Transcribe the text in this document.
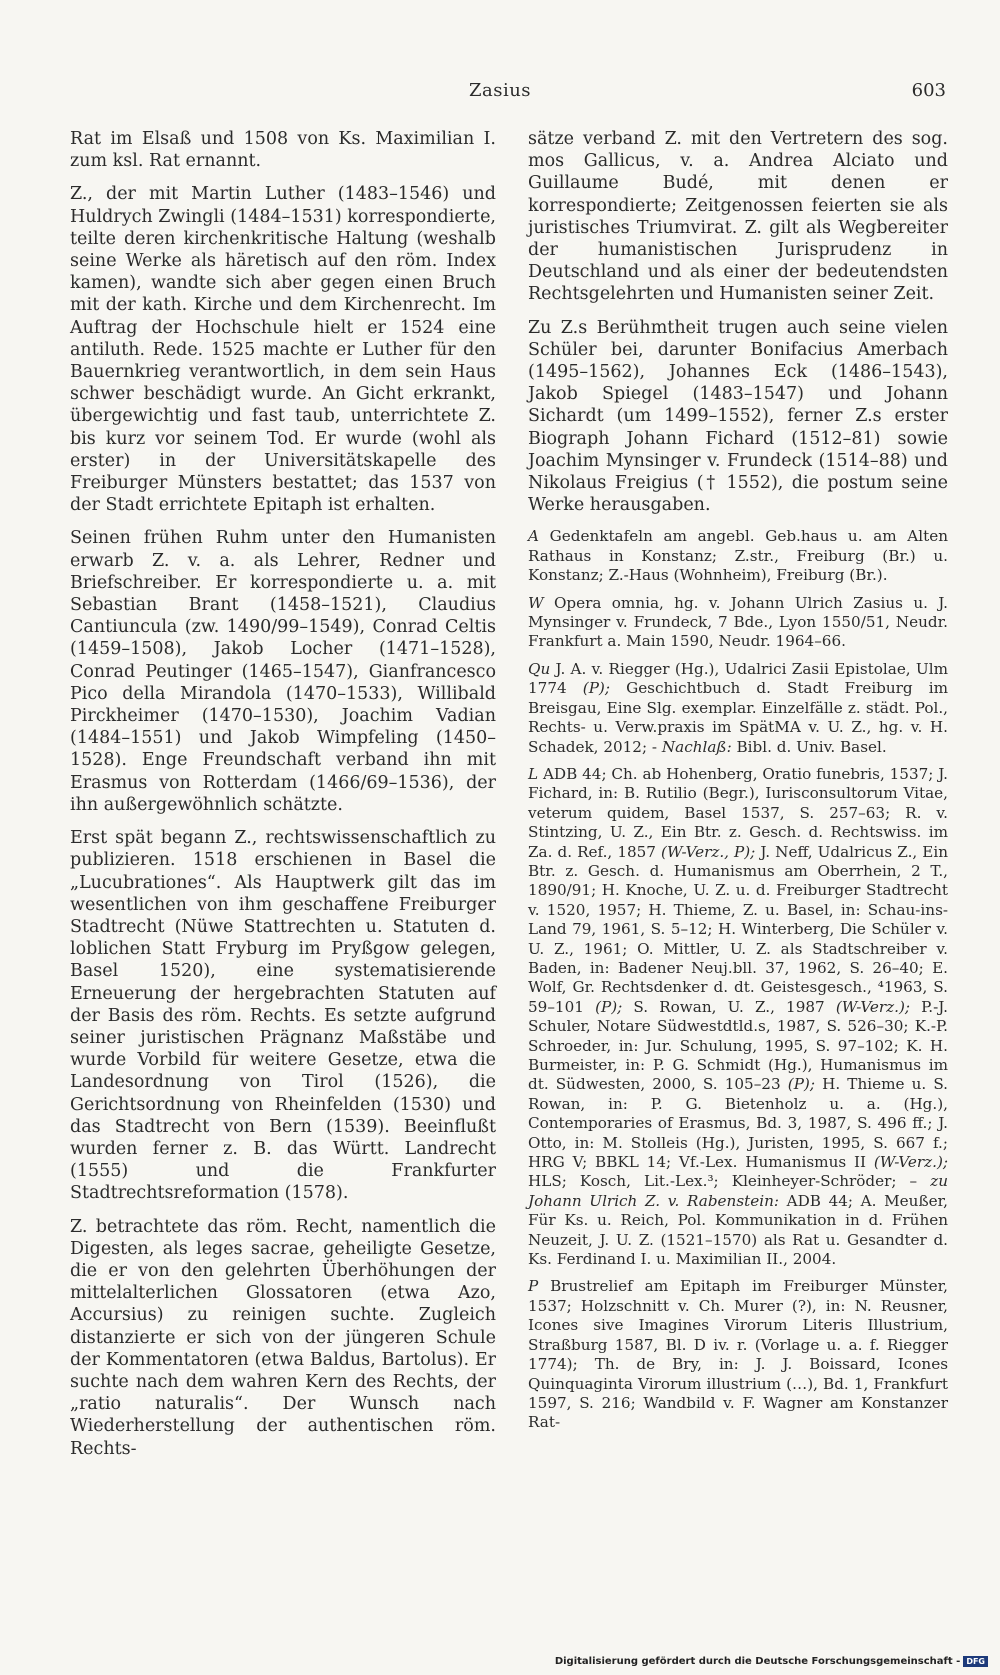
Zasius	603

Rat im Elsaß und 1508 von Ks. Maximilian I. zum ksl. Rat ernannt.

Z., der mit Martin Luther (1483–1546) und Huldrych Zwingli (1484–1531) korrespondierte, teilte deren kirchenkritische Haltung (weshalb seine Werke als häretisch auf den röm. Index kamen), wandte sich aber gegen einen Bruch mit der kath. Kirche und dem Kirchenrecht. Im Auftrag der Hochschule hielt er 1524 eine antiluth. Rede. 1525 machte er Luther für den Bauernkrieg verantwortlich, in dem sein Haus schwer beschädigt wurde. An Gicht erkrankt, übergewichtig und fast taub, unterrichtete Z. bis kurz vor seinem Tod. Er wurde (wohl als erster) in der Universitätskapelle des Freiburger Münsters bestattet; das 1537 von der Stadt errichtete Epitaph ist erhalten.

Seinen frühen Ruhm unter den Humanisten erwarb Z. v. a. als Lehrer, Redner und Briefschreiber. Er korrespondierte u. a. mit Sebastian Brant (1458–1521), Claudius Cantiuncula (zw. 1490/99–1549), Conrad Celtis (1459–1508), Jakob Locher (1471–1528), Conrad Peutinger (1465–1547), Gianfrancesco Pico della Mirandola (1470–1533), Willibald Pirckheimer (1470–1530), Joachim Vadian (1484–1551) und Jakob Wimpfeling (1450–1528). Enge Freundschaft verband ihn mit Erasmus von Rotterdam (1466/69–1536), der ihn außergewöhnlich schätzte.

Erst spät begann Z., rechtswissenschaftlich zu publizieren. 1518 erschienen in Basel die „Lucubrationes“. Als Hauptwerk gilt das im wesentlichen von ihm geschaffene Freiburger Stadtrecht (Nüwe Stattrechten u. Statuten d. loblichen Statt Fryburg im Pryßgow gelegen, Basel 1520), eine systematisierende Erneuerung der hergebrachten Statuten auf der Basis des röm. Rechts. Es setzte aufgrund seiner juristischen Prägnanz Maßstäbe und wurde Vorbild für weitere Gesetze, etwa die Landesordnung von Tirol (1526), die Gerichtsordnung von Rheinfelden (1530) und das Stadtrecht von Bern (1539). Beeinflußt wurden ferner z. B. das Württ. Landrecht (1555) und die Frankfurter Stadtrechtsreformation (1578).

Z. betrachtete das röm. Recht, namentlich die Digesten, als leges sacrae, geheiligte Gesetze, die er von den gelehrten Überhöhungen der mittelalterlichen Glossatoren (etwa Azo, Accursius) zu reinigen suchte. Zugleich distanzierte er sich von der jüngeren Schule der Kommentatoren (etwa Baldus, Bartolus). Er suchte nach dem wahren Kern des Rechts, der „ratio naturalis“. Der Wunsch nach Wiederherstellung der authentischen röm. Rechts-

sätze verband Z. mit den Vertretern des sog. mos Gallicus, v. a. Andrea Alciato und Guillaume Budé, mit denen er korrespondierte; Zeitgenossen feierten sie als juristisches Triumvirat. Z. gilt als Wegbereiter der humanistischen Jurisprudenz in Deutschland und als einer der bedeutendsten Rechtsgelehrten und Humanisten seiner Zeit.

Zu Z.s Berühmtheit trugen auch seine vielen Schüler bei, darunter Bonifacius Amerbach (1495–1562), Johannes Eck (1486–1543), Jakob Spiegel (1483–1547) und Johann Sichardt (um 1499–1552), ferner Z.s erster Biograph Johann Fichard (1512–81) sowie Joachim Mynsinger v. Frundeck (1514–88) und Nikolaus Freigius († 1552), die postum seine Werke herausgaben.

A Gedenktafeln am angebl. Geb.haus u. am Alten Rathaus in Konstanz; Z.str., Freiburg (Br.) u. Konstanz; Z.-Haus (Wohnheim), Freiburg (Br.).

W Opera omnia, hg. v. Johann Ulrich Zasius u. J. Mynsinger v. Frundeck, 7 Bde., Lyon 1550/51, Neudr. Frankfurt a. Main 1590, Neudr. 1964–66.

Qu J. A. v. Riegger (Hg.), Udalrici Zasii Epistolae, Ulm 1774 (P); Geschichtbuch d. Stadt Freiburg im Breisgau, Eine Slg. exemplar. Einzelfälle z. städt. Pol., Rechts- u. Verw.praxis im SpätMA v. U. Z., hg. v. H. Schadek, 2012; - Nachlaß: Bibl. d. Univ. Basel.

L ADB 44; Ch. ab Hohenberg, Oratio funebris, 1537; J. Fichard, in: B. Rutilio (Begr.), Iurisconsultorum Vitae, veterum quidem, Basel 1537, S. 257–63; R. v. Stintzing, U. Z., Ein Btr. z. Gesch. d. Rechtswiss. im Za. d. Ref., 1857 (W-Verz., P); J. Neff, Udalricus Z., Ein Btr. z. Gesch. d. Humanismus am Oberrhein, 2 T., 1890/91; H. Knoche, U. Z. u. d. Freiburger Stadtrecht v. 1520, 1957; H. Thieme, Z. u. Basel, in: Schau-ins-Land 79, 1961, S. 5–12; H. Winterberg, Die Schüler v. U. Z., 1961; O. Mittler, U. Z. als Stadtschreiber v. Baden, in: Badener Neuj.bll. 37, 1962, S. 26–40; E. Wolf, Gr. Rechtsdenker d. dt. Geistesgesch., ⁴1963, S. 59–101 (P); S. Rowan, U. Z., 1987 (W-Verz.); P.-J. Schuler, Notare Südwestdtld.s, 1987, S. 526–30; K.-P. Schroeder, in: Jur. Schulung, 1995, S. 97–102; K. H. Burmeister, in: P. G. Schmidt (Hg.), Humanismus im dt. Südwesten, 2000, S. 105–23 (P); H. Thieme u. S. Rowan, in: P. G. Bietenholz u. a. (Hg.), Contemporaries of Erasmus, Bd. 3, 1987, S. 496 ff.; J. Otto, in: M. Stolleis (Hg.), Juristen, 1995, S. 667 f.; HRG V; BBKL 14; Vf.-Lex. Humanismus II (W-Verz.); HLS; Kosch, Lit.-Lex.³; Kleinheyer-Schröder; – zu Johann Ulrich Z. v. Rabenstein: ADB 44; A. Meußer, Für Ks. u. Reich, Pol. Kommunikation in d. Frühen Neuzeit, J. U. Z. (1521–1570) als Rat u. Gesandter d. Ks. Ferdinand I. u. Maximilian II., 2004.

P Brustrelief am Epitaph im Freiburger Münster, 1537; Holzschnitt v. Ch. Murer (?), in: N. Reusner, Icones sive Imagines Virorum Literis Illustrium, Straßburg 1587, Bl. D iv. r. (Vorlage u. a. f. Riegger 1774); Th. de Bry, in: J. J. Boissard, Icones Quinquaginta Virorum illustrium (…), Bd. 1, Frankfurt 1597, S. 216; Wandbild v. F. Wagner am Konstanzer Rat-

Digitalisierung gefördert durch die Deutsche Forschungsgemeinschaft - DFG
